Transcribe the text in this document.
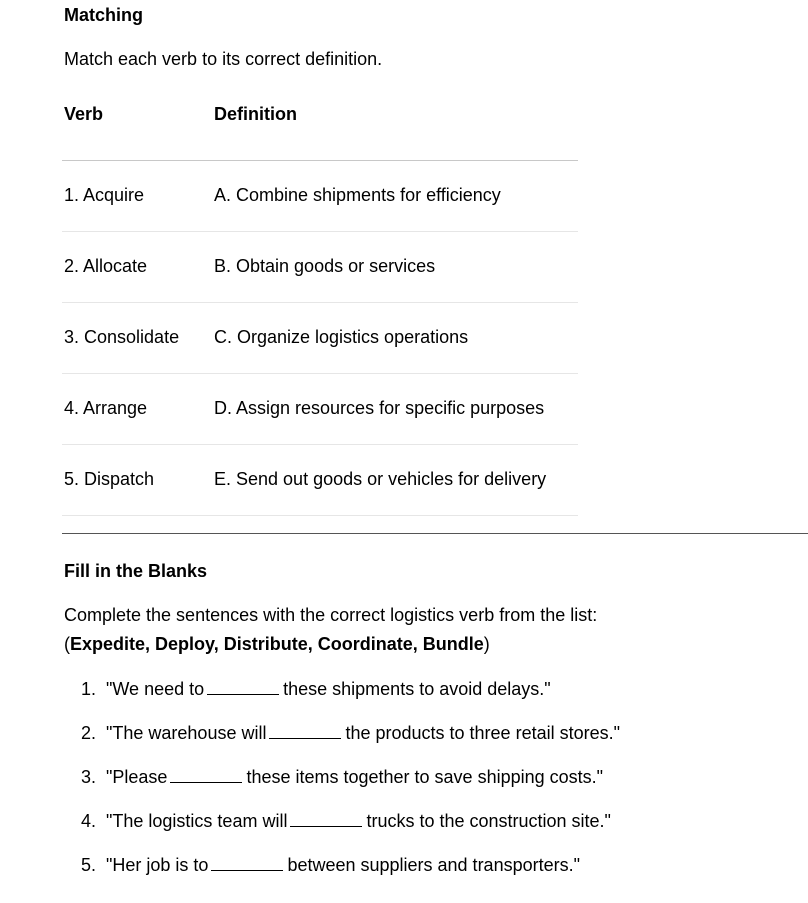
Matching
Match each verb to its correct definition.
Verb	Definition
1. Acquire	A. Combine shipments for efficiency
2. Allocate	B. Obtain goods or services
3. Consolidate	C. Organize logistics operations
4. Arrange	D. Assign resources for specific purposes
5. Dispatch	E. Send out goods or vehicles for delivery
Fill in the Blanks
Complete the sentences with the correct logistics verb from the list:
(Expedite, Deploy, Distribute, Coordinate, Bundle)
1. "We need to	these shipments to avoid delays."
2. "The warehouse will	the products to three retail stores."
3. "Please	these items together to save shipping costs."
4. "The logistics team will	trucks to the construction site."
5. "Her job is to	between suppliers and transporters."
